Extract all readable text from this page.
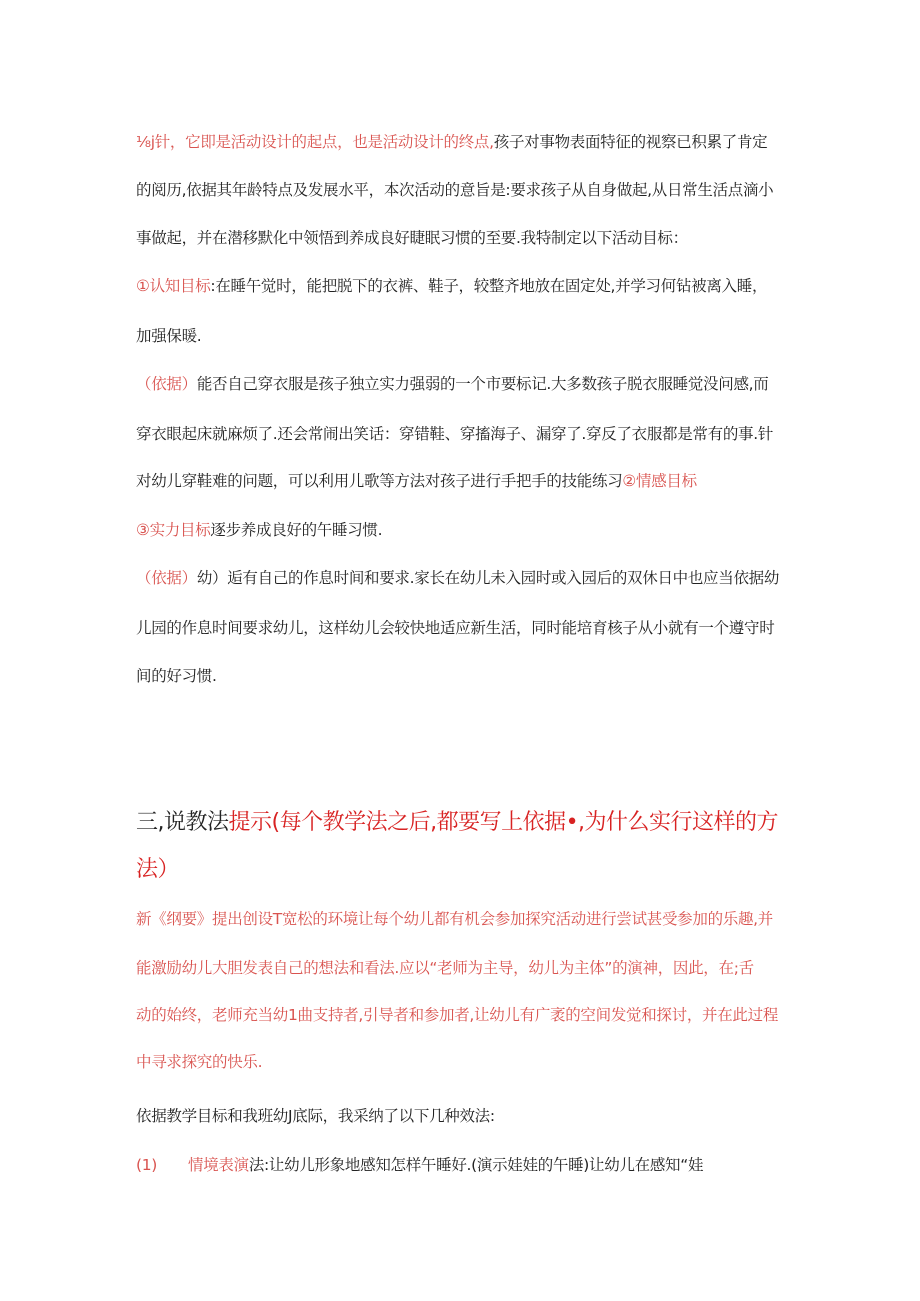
⅛j针，它即是活动设计的起点，也是活动设计的终点,孩子对事物表面特征的视察已积累了肯定
的阅历,依据其年龄特点及发展水平，本次活动的意旨是:要求孩子从自身做起,从日常生活点滴小
事做起，并在潜移默化中领悟到养成良好睫眠习惯的至要.我特制定以下活动目标：
①认知目标:在睡午觉时，能把脱下的衣裤、鞋子，较整齐地放在固定处,并学习何钻被离入睡，
加强保暖.
（依据）能否自己穿衣服是孩子独立实力强弱的一个市要标记.大多数孩子脱衣服睡觉没问感,而
穿衣眼起床就麻烦了.还会常闹出笑话：穿错鞋、穿搐海子、漏穿了.穿反了衣服都是常有的事.针
对幼儿穿鞋难的问题，可以利用儿歌等方法对孩子进行手把手的技能练习②情感目标
③实力目标逐步养成良好的午睡习惯.
（依据）幼）逅有自己的作息时间和要求.家长在幼儿未入园时或入园后的双休日中也应当依据幼
儿园的作息时间要求幼儿，这样幼儿会较快地适应新生活，同时能培育核子从小就有一个遵守时
间的好习惯.
三,说教法提示(每个教学法之后,都要写上依据•,为什么实行这样的方
法）
新《纲要》提出创设T宽松的环境让每个幼儿都有机会参加探究活动进行尝试甚受参加的乐趣,并
能激励幼儿大胆发表自己的想法和看法.应以“老师为主导，幼儿为主体”的演神，因此，在;舌
动的始终，老师充当幼1曲支持者,引导者和参加者,让幼儿有广袤的空间发觉和探讨，并在此过程
中寻求探究的快乐.
依据教学目标和我班幼J底际，我采纳了以下几种效法:
(1) 情境表演法:让幼儿形象地感知怎样午睡好.(演示娃娃的午睡)让幼儿在感知“娃
